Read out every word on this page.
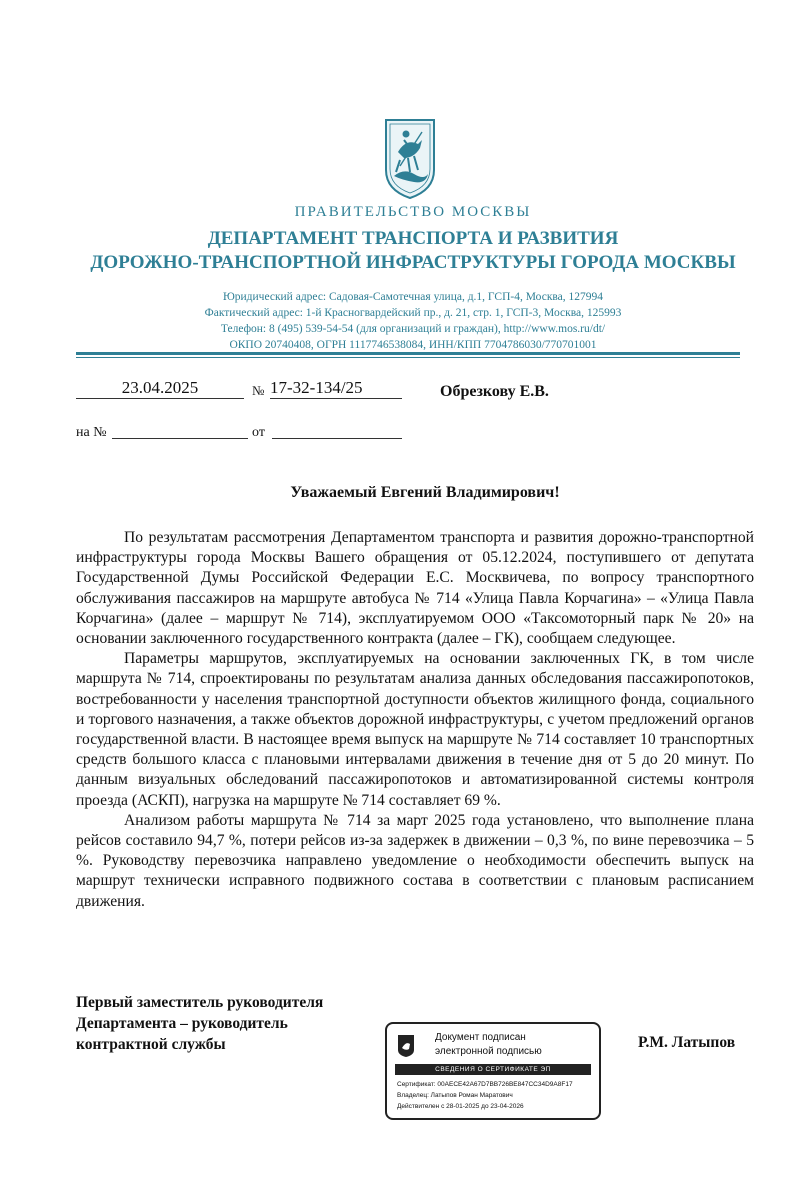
ПРАВИТЕЛЬСТВО МОСКВЫ
ДЕПАРТАМЕНТ ТРАНСПОРТА И РАЗВИТИЯ
ДОРОЖНО-ТРАНСПОРТНОЙ ИНФРАСТРУКТУРЫ ГОРОДА МОСКВЫ
Юридический адрес: Садовая-Самотечная улица, д.1, ГСП-4, Москва, 127994
Фактический адрес: 1-й Красногвардейский пр., д. 21, стр. 1, ГСП-3, Москва, 125993
Телефон: 8 (495) 539-54-54 (для организаций и граждан), http://www.mos.ru/dt/
ОКПО 20740408, ОГРН 1117746538084, ИНН/КПП 7704786030/770701001
23.04.2025	№ 17-32-134/25	Обрезкову Е.В.
на №	от
Уважаемый Евгений Владимирович!

По результатам рассмотрения Департаментом транспорта и развития дорожно-транспортной инфраструктуры города Москвы Вашего обращения от 05.12.2024, поступившего от депутата Государственной Думы Российской Федерации Е.С. Москвичева, по вопросу транспортного обслуживания пассажиров на маршруте автобуса № 714 «Улица Павла Корчагина» – «Улица Павла Корчагина» (далее – маршрут № 714), эксплуатируемом ООО «Таксомоторный парк № 20» на основании заключенного государственного контракта (далее – ГК), сообщаем следующее.

Параметры маршрутов, эксплуатируемых на основании заключенных ГК, в том числе маршрута № 714, спроектированы по результатам анализа данных обследования пассажиропотоков, востребованности у населения транспортной доступности объектов жилищного фонда, социального и торгового назначения, а также объектов дорожной инфраструктуры, с учетом предложений органов государственной власти. В настоящее время выпуск на маршруте № 714 составляет 10 транспортных средств большого класса с плановыми интервалами движения в течение дня от 5 до 20 минут. По данным визуальных обследований пассажиропотоков и автоматизированной системы контроля проезда (АСКП), нагрузка на маршруте № 714 составляет 69 %.

Анализом работы маршрута № 714 за март 2025 года установлено, что выполнение плана рейсов составило 94,7 %, потери рейсов из-за задержек в движении – 0,3 %, по вине перевозчика – 5 %. Руководству перевозчика направлено уведомление о необходимости обеспечить выпуск на маршрут технически исправного подвижного состава в соответствии с плановым расписанием движения.

Первый заместитель руководителя
Департамента – руководитель
контрактной службы	Р.М. Латыпов
Документ подписан
электронной подписью
СВЕДЕНИЯ О СЕРТИФИКАТЕ ЭП
Сертификат: 00AECE42A67D7BB726BE847CC34D9A8F17
Владелец: Латыпов Роман Маратович
Действителен с 28-01-2025 до 23-04-2026
